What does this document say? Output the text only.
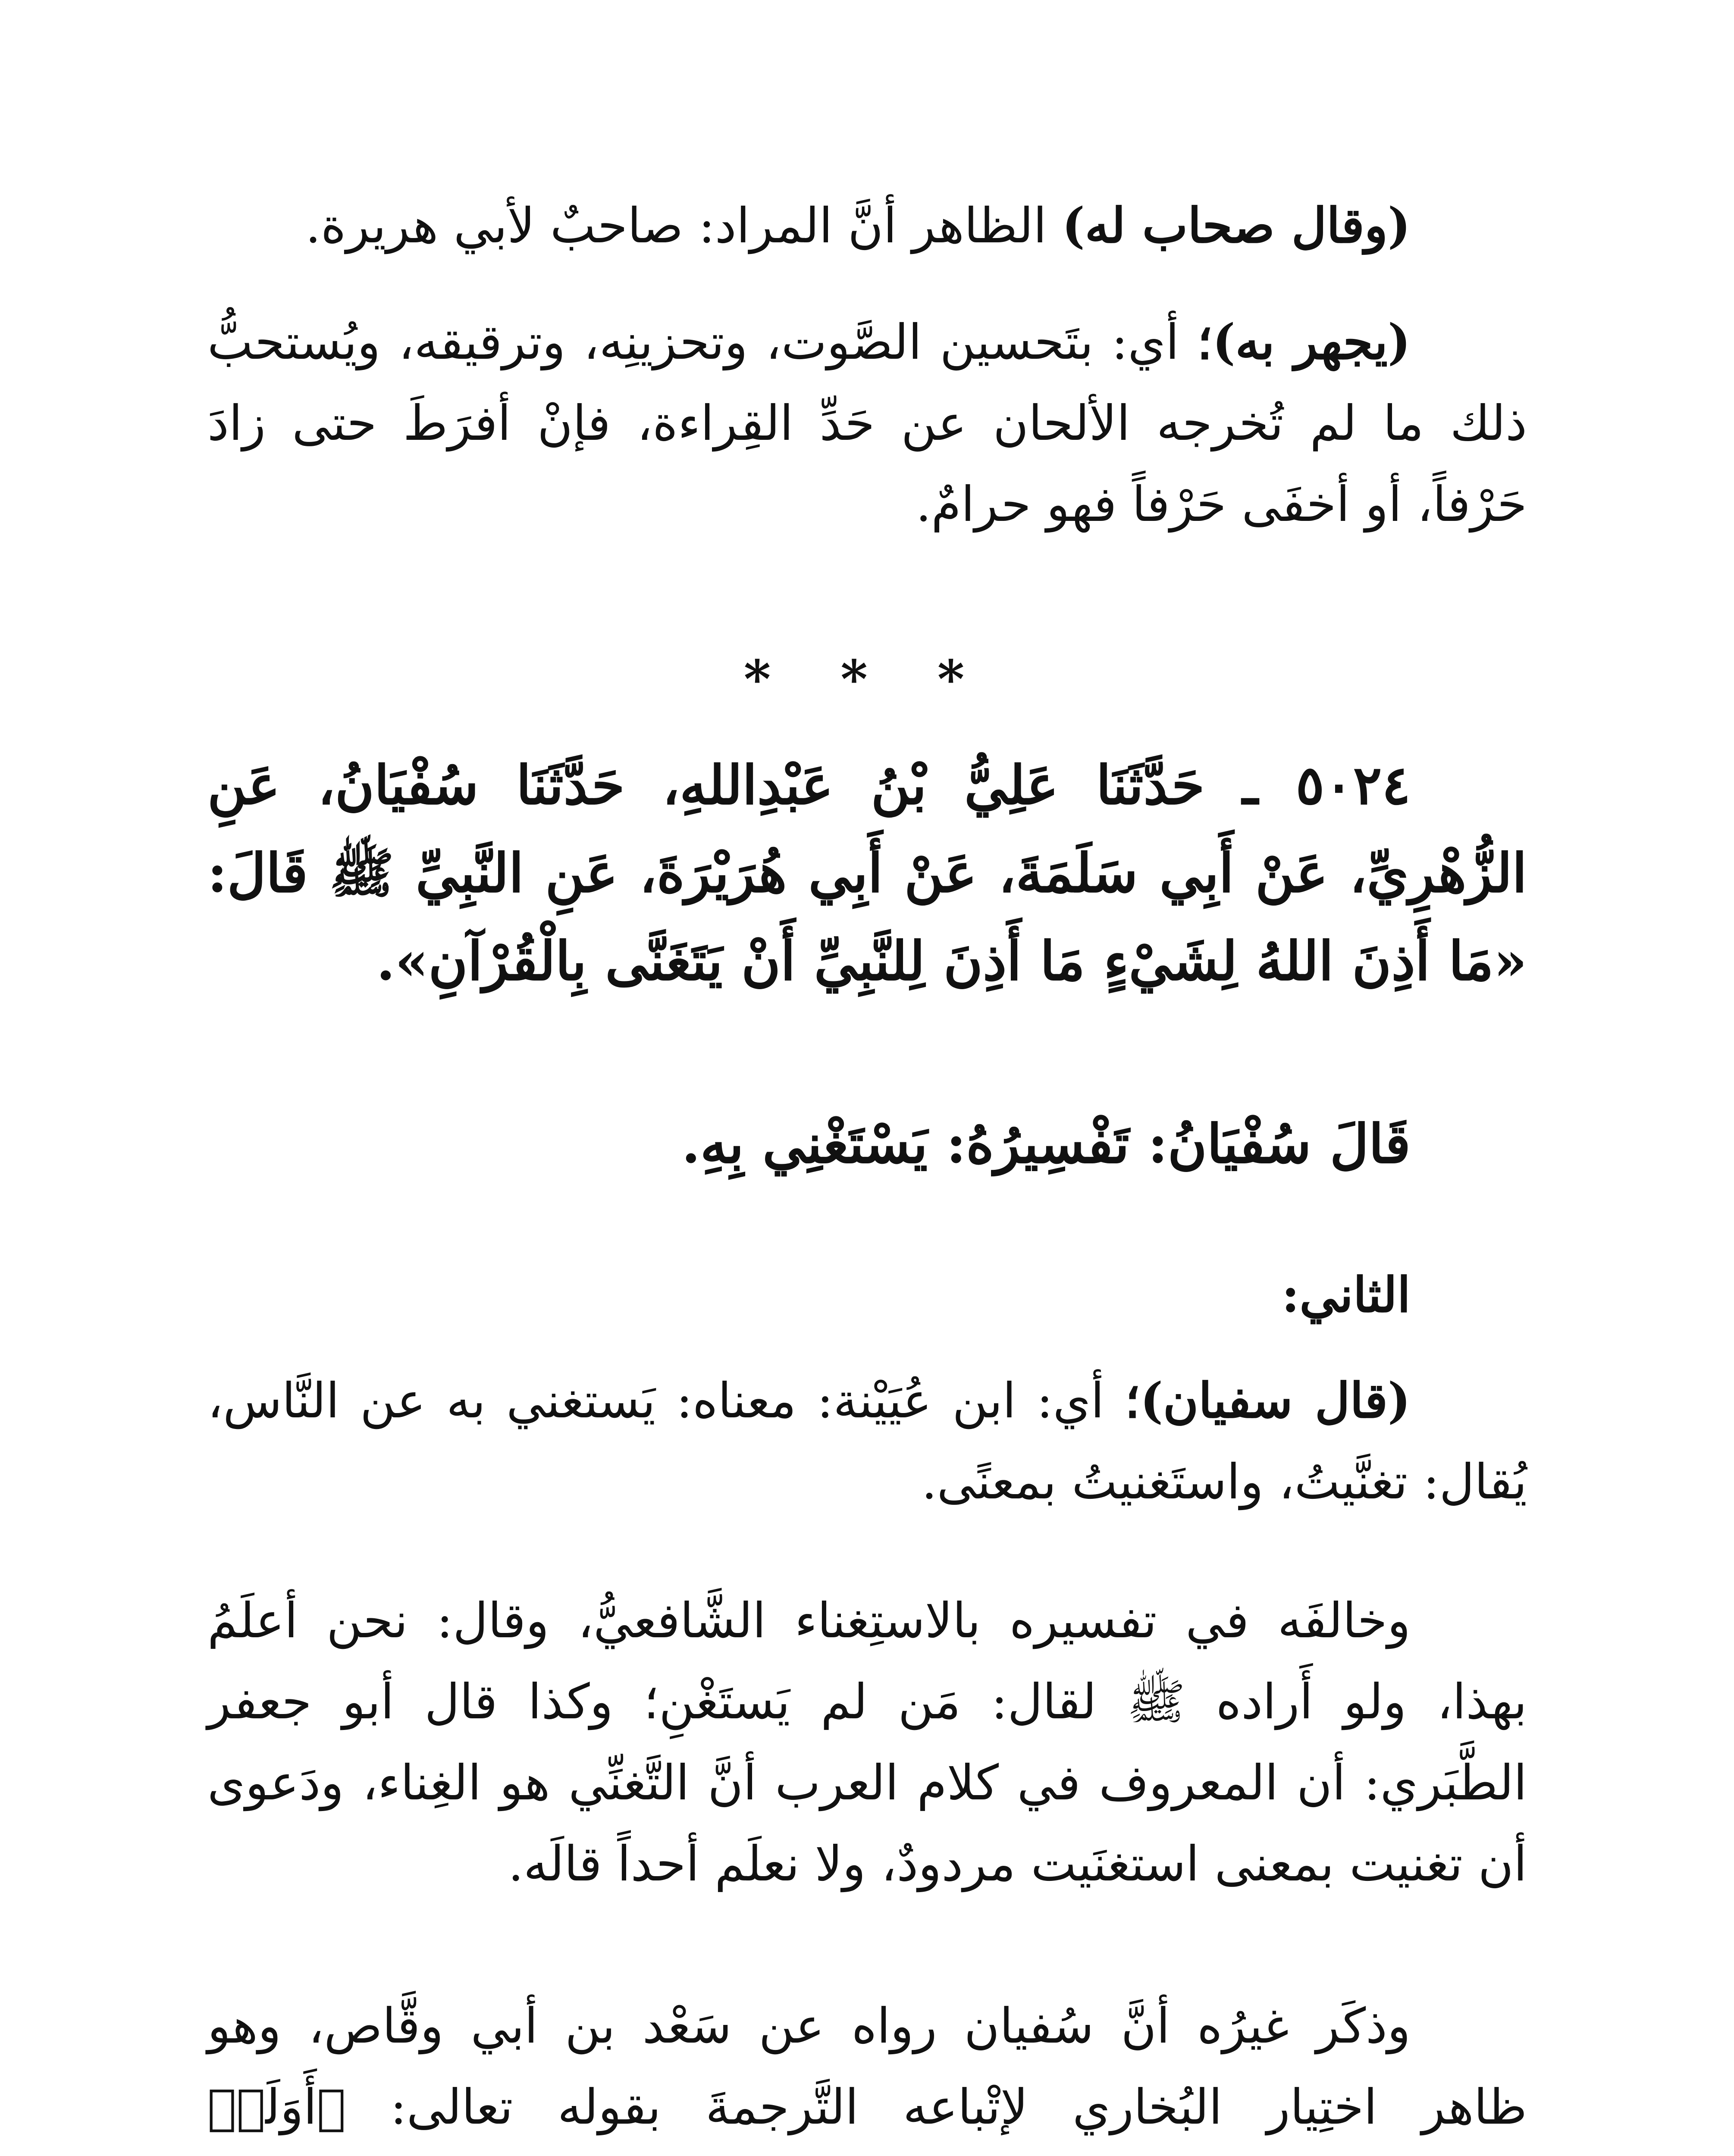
(وقال صحاب له) الظاهر أنَّ المراد: صاحبٌ لأبي هريرة.

(يجهر به)؛ أي: بتَحسين الصَّوت، وتحزينِه، وترقيقه، ويُستحبُّ ذلك ما لم تُخرجه الألحان عن حَدِّ القِراءة، فإنْ أفرَطَ حتى زادَ حَرْفاً، أو أخفَى حَرْفاً فهو حرامٌ.

* * *

٥٠٢٤ ـ حَدَّثَنَا عَلِيُّ بْنُ عَبْدِاللهِ، حَدَّثَنَا سُفْيَانُ، عَنِ الزُّهْرِيِّ، عَنْ أَبِي سَلَمَةَ، عَنْ أَبِي هُرَيْرَةَ، عَنِ النَّبِيِّ ﷺ قَالَ: «مَا أَذِنَ اللهُ لِشَيْءٍ مَا أَذِنَ لِلنَّبِيِّ أَنْ يَتَغَنَّى بِالْقُرْآنِ».

قَالَ سُفْيَانُ: تَفْسِيرُهُ: يَسْتَغْنِي بِهِ.

الثاني:

(قال سفيان)؛ أي: ابن عُيَيْنة: معناه: يَستغني به عن النَّاس، يُقال: تغنَّيتُ، واستَغنيتُ بمعنًى.

وخالفَه في تفسيره بالاستِغناء الشَّافعيُّ، وقال: نحن أعلَمُ بهذا، ولو أَراده ﷺ لقال: مَن لم يَستَغْنِ؛ وكذا قال أبو جعفر الطَّبَري: أن المعروف في كلام العرب أنَّ التَّغنِّي هو الغِناء، ودَعوى أن تغنيت بمعنى استغنَيت مردودٌ، ولا نعلَم أحداً قالَه.

وذكَر غيرُه أنَّ سُفيان رواه عن سَعْد بن أبي وقَّاص، وهو ظاهر اختِيار البُخاري لإتْباعه التَّرجمةَ بقوله تعالى: ﴿أَوَلَمۡ
